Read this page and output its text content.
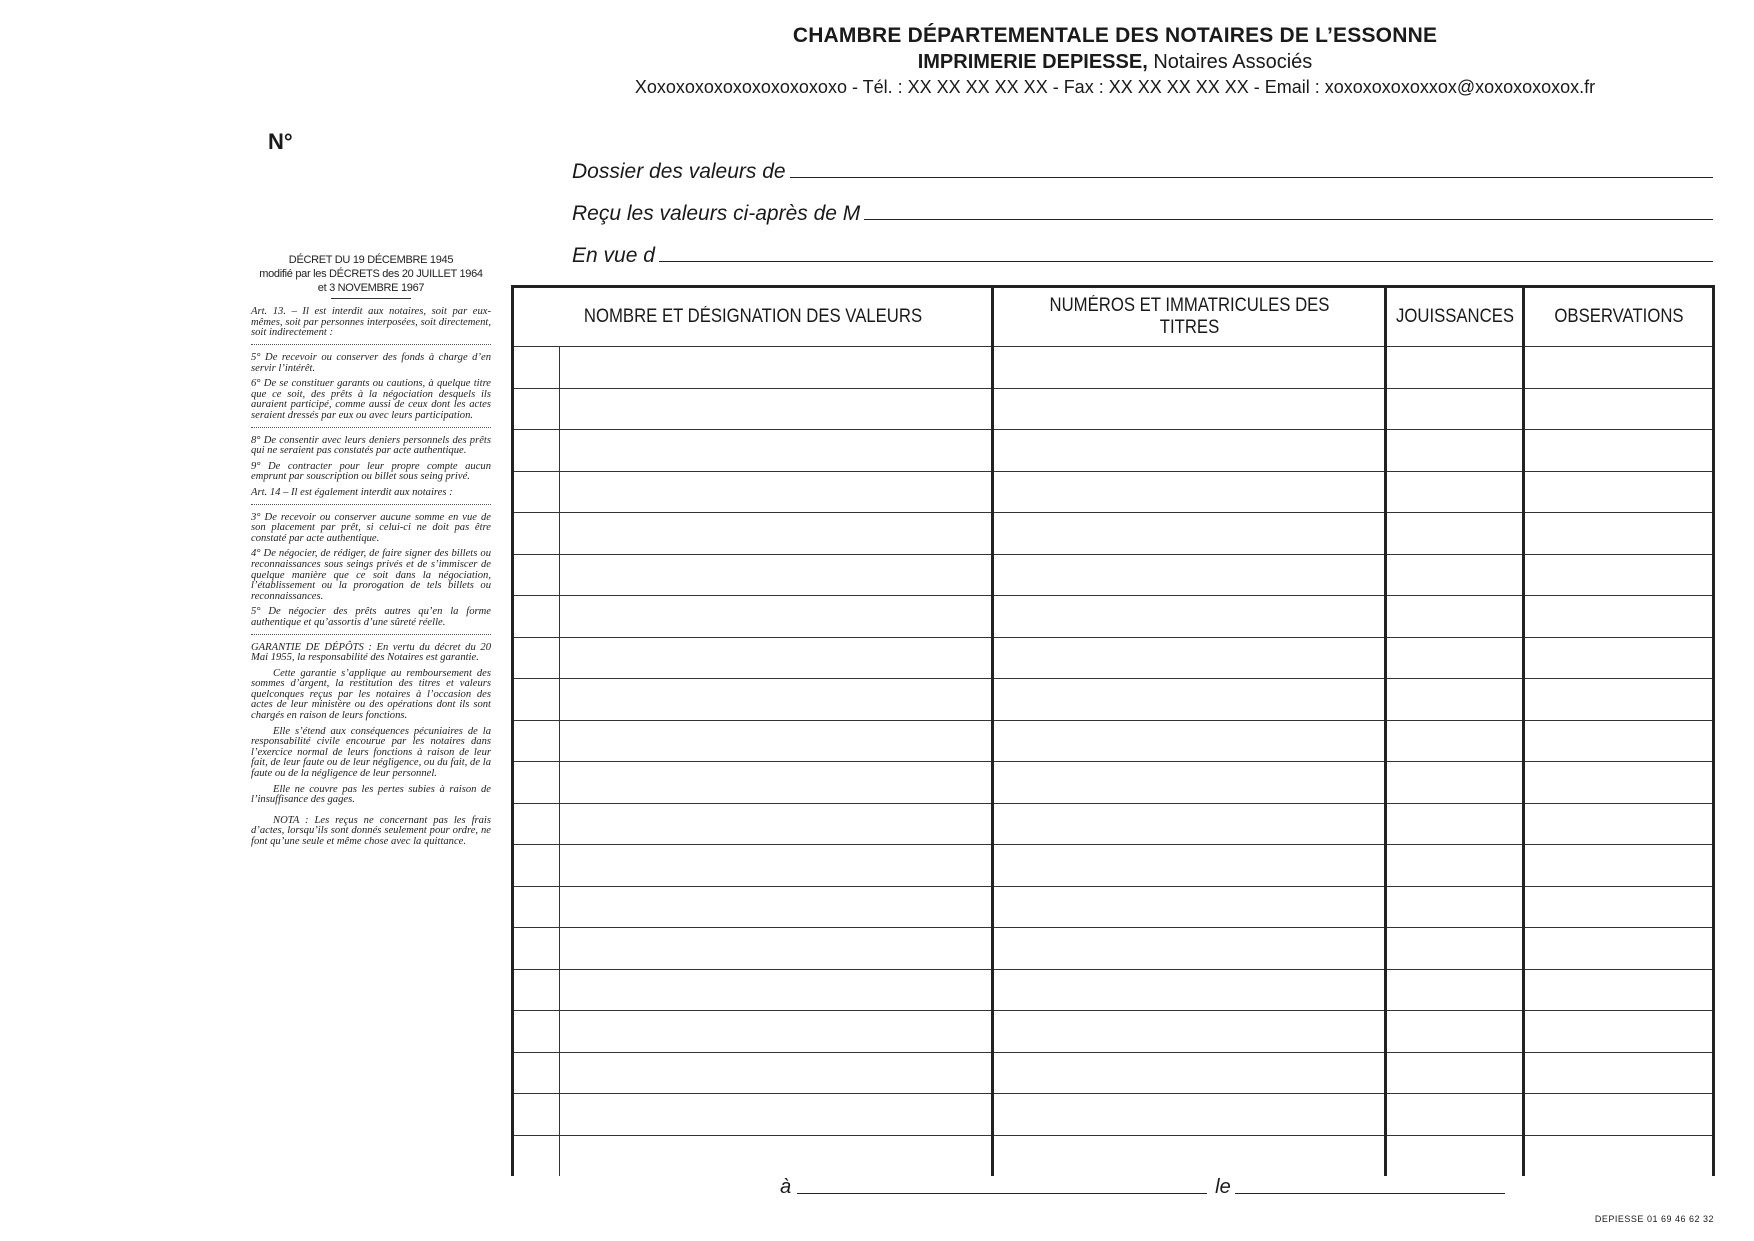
CHAMBRE DÉPARTEMENTALE DES NOTAIRES DE L’ESSONNE
IMPRIMERIE DEPIESSE, Notaires Associés
Xoxoxoxoxoxoxoxoxoxoxo - Tél. : XX XX XX XX XX - Fax : XX XX XX XX XX - Email : xoxoxoxoxoxxox@xoxoxoxoxox.fr
N°
Dossier des valeurs de
Reçu les valeurs ci-après de M
En vue d
DÉCRET DU 19 DÉCEMBRE 1945
modifié par les DÉCRETS des 20 JUILLET 1964
et 3 NOVEMBRE 1967

Art. 13. – Il est interdit aux notaires, soit par eux-mêmes, soit par personnes interposées, soit directement, soit indirectement :

5° De recevoir ou conserver des fonds à charge d’en servir l’intérêt.

6° De se constituer garants ou cautions, à quelque titre que ce soit, des prêts à la négociation desquels ils auraient participé, comme aussi de ceux dont les actes seraient dressés par eux ou avec leurs participation.

8° De consentir avec leurs deniers personnels des prêts qui ne seraient pas constatés par acte authentique.

9° De contracter pour leur propre compte aucun emprunt par souscription ou billet sous seing privé.

Art. 14 – Il est également interdit aux notaires :

3° De recevoir ou conserver aucune somme en vue de son placement par prêt, si celui-ci ne doit pas être constaté par acte authentique.

4° De négocier, de rédiger, de faire signer des billets ou reconnaissances sous seings privés et de s’immiscer de quelque manière que ce soit dans la négociation, l’établissement ou la prorogation de tels billets ou reconnaissances.

5° De négocier des prêts autres qu’en la forme authentique et qu’assortis d’une sûreté réelle.

GARANTIE DE DÉPÔTS : En vertu du décret du 20 Mai 1955, la responsabilité des Notaires est garantie.

Cette garantie s’applique au remboursement des sommes d’argent, la restitution des titres et valeurs quelconques reçus par les notaires à l’occasion des actes de leur ministère ou des opérations dont ils sont chargés en raison de leurs fonctions.

Elle s’étend aux conséquences pécuniaires de la responsabilité civile encourue par les notaires dans l’exercice normal de leurs fonctions à raison de leur fait, de leur faute ou de leur négligence, ou du fait, de la faute ou de la négligence de leur personnel.

Elle ne couvre pas les pertes subies à raison de l’insuffisance des gages.

NOTA : Les reçus ne concernant pas les frais d’actes, lorsqu’ils sont donnés seulement pour ordre, ne font qu’une seule et même chose avec la quittance.

NOMBRE ET DÉSIGNATION DES VALEURS		NUMÉROS ET IMMATRICULES DES TITRES	JOUISSANCES	OBSERVATIONS

à	le
DEPIESSE 01 69 46 62 32
